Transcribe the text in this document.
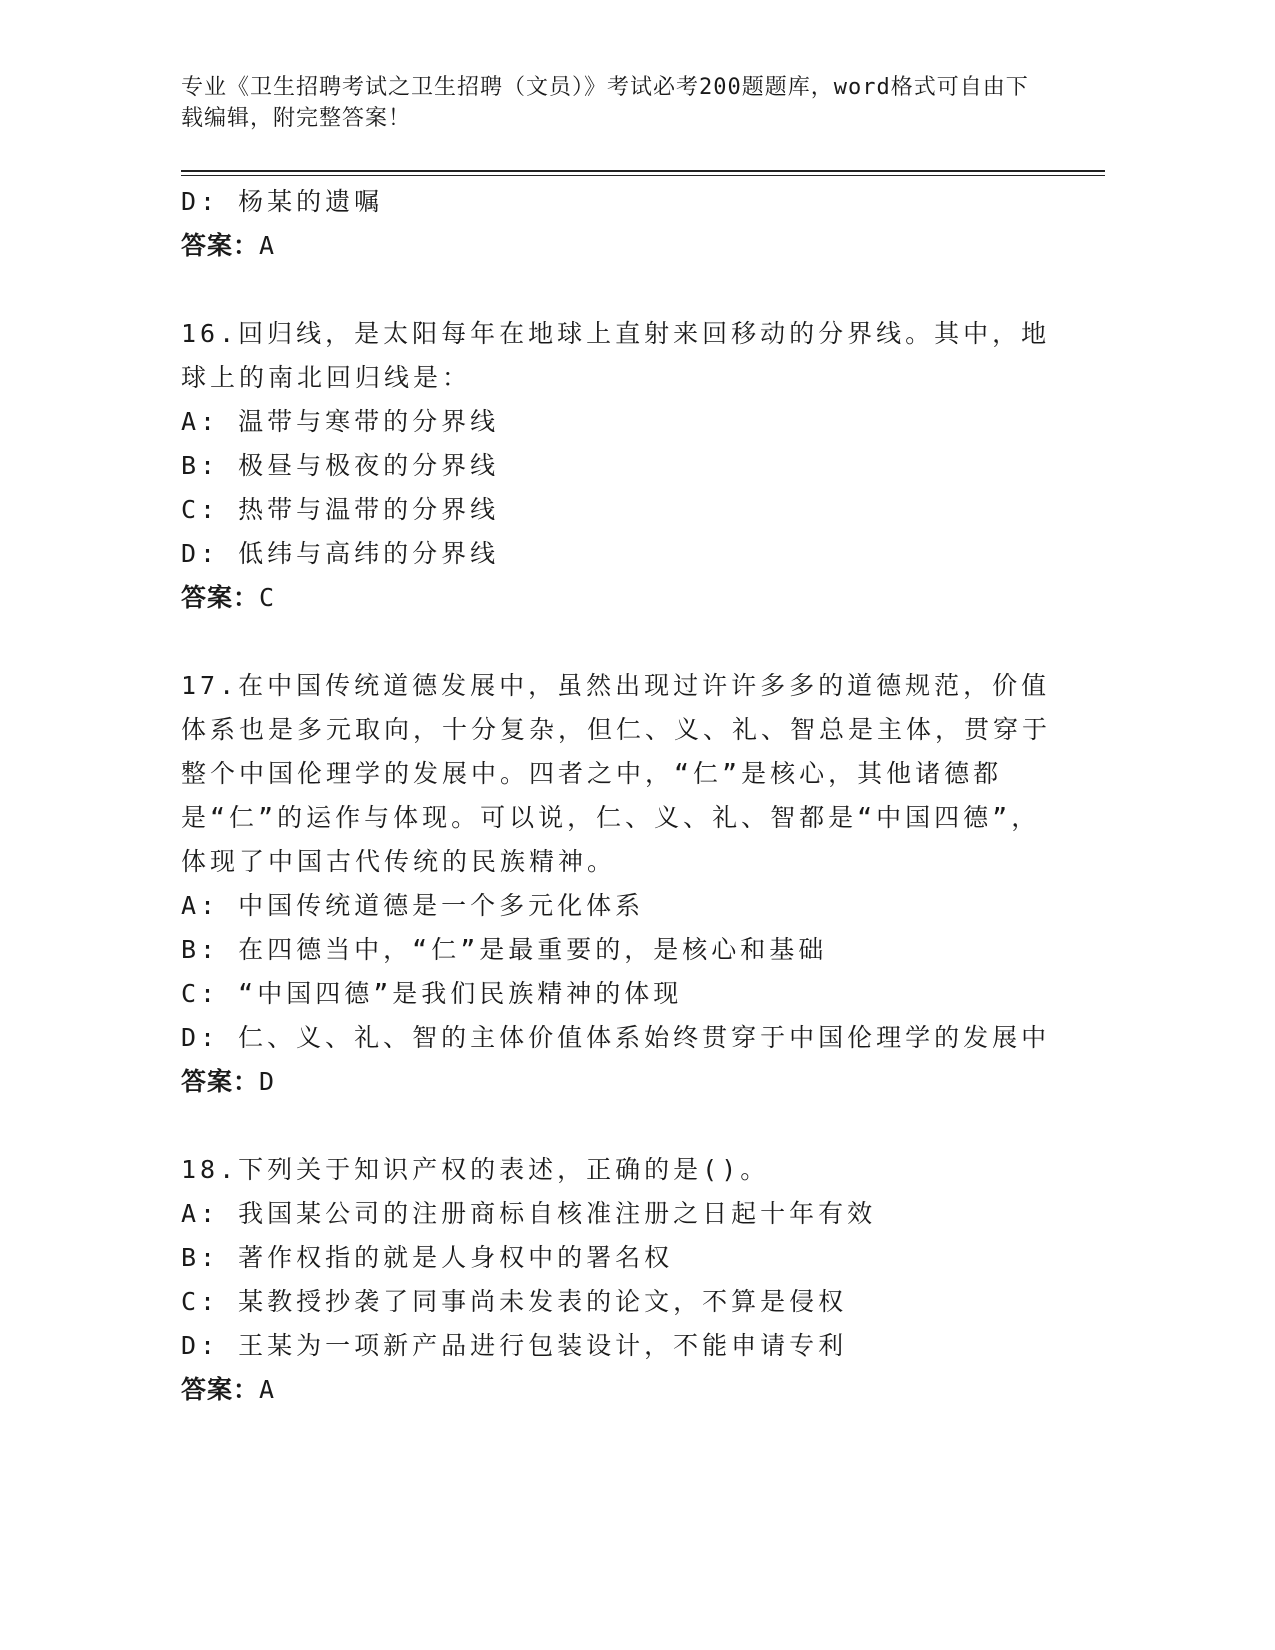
专业《卫生招聘考试之卫生招聘（文员）》考试必考200题题库，word格式可自由下载编辑，附完整答案！
D: 杨某的遗嘱
答案：A
16.回归线，是太阳每年在地球上直射来回移动的分界线。其中，地球上的南北回归线是：
A: 温带与寒带的分界线
B: 极昼与极夜的分界线
C: 热带与温带的分界线
D: 低纬与高纬的分界线
答案：C
17.在中国传统道德发展中，虽然出现过许许多多的道德规范，价值体系也是多元取向，十分复杂，但仁、义、礼、智总是主体，贯穿于整个中国伦理学的发展中。四者之中，“仁”是核心，其他诸德都是“仁”的运作与体现。可以说，仁、义、礼、智都是“中国四德”，体现了中国古代传统的民族精神。
A: 中国传统道德是一个多元化体系
B: 在四德当中，“仁”是最重要的，是核心和基础
C: “中国四德”是我们民族精神的体现
D: 仁、义、礼、智的主体价值体系始终贯穿于中国伦理学的发展中
答案：D
18.下列关于知识产权的表述，正确的是()。
A: 我国某公司的注册商标自核准注册之日起十年有效
B: 著作权指的就是人身权中的署名权
C: 某教授抄袭了同事尚未发表的论文，不算是侵权
D: 王某为一项新产品进行包装设计，不能申请专利
答案：A
